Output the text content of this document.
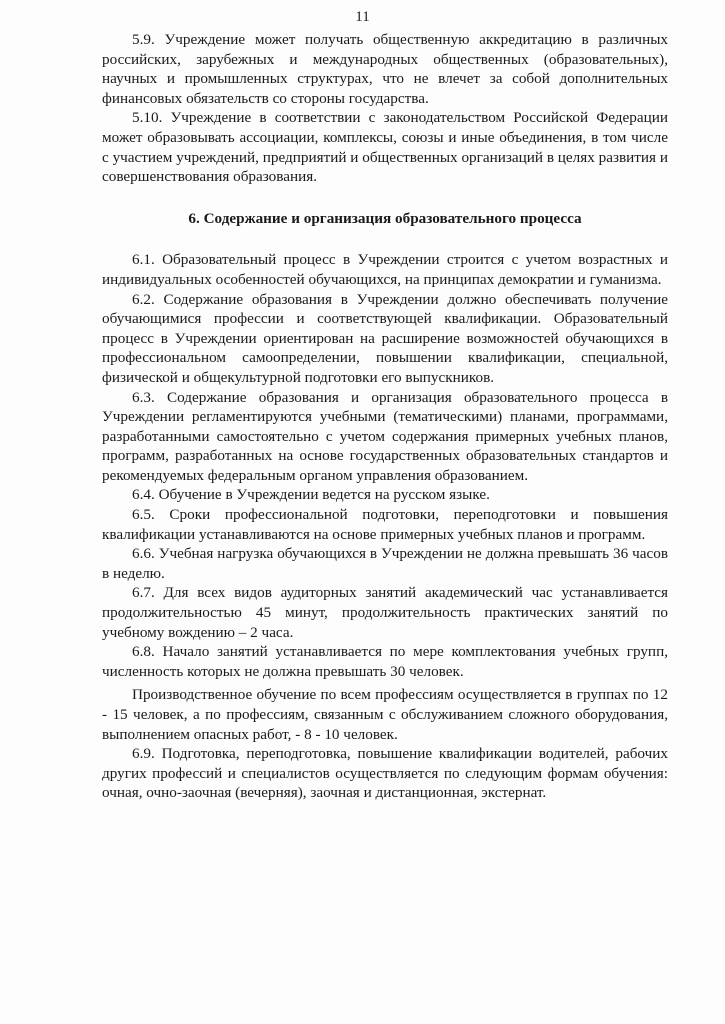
11

5.9. Учреждение может получать общественную аккредитацию в различных российских, зарубежных и международных общественных (образовательных), научных и промышленных структурах, что не влечет за собой дополнительных финансовых обязательств со стороны государства.

5.10. Учреждение в соответствии с законодательством Российской Федерации может образовывать ассоциации, комплексы, союзы и иные объединения, в том числе с участием учреждений, предприятий и общественных организаций в целях развития и совершенствования образования.

6. Содержание и организация образовательного процесса

6.1. Образовательный процесс в Учреждении строится с учетом возрастных и индивидуальных особенностей обучающихся, на принципах демократии и гуманизма.

6.2. Содержание образования в Учреждении должно обеспечивать получение обучающимися профессии и соответствующей квалификации. Образовательный процесс в Учреждении ориентирован на расширение возможностей обучающихся в профессиональном самоопределении, повышении квалификации, специальной, физической и общекультурной подготовки его выпускников.

6.3. Содержание образования и организация образовательного процесса в Учреждении регламентируются учебными (тематическими) планами, программами, разработанными самостоятельно с учетом содержания примерных учебных планов, программ, разработанных на основе государственных образовательных стандартов и рекомендуемых федеральным органом управления образованием.

6.4. Обучение в Учреждении ведется на русском языке.

6.5. Сроки профессиональной подготовки, переподготовки и повышения квалификации устанавливаются на основе примерных учебных планов и программ.

6.6. Учебная нагрузка обучающихся в Учреждении не должна превышать 36 часов в неделю.

6.7. Для всех видов аудиторных занятий академический час устанавливается продолжительностью 45 минут, продолжительность практических занятий по учебному вождению – 2 часа.

6.8. Начало занятий устанавливается по мере комплектования учебных групп, численность которых не должна превышать 30 человек.

Производственное обучение по всем профессиям осуществляется в группах по 12 - 15 человек, а по профессиям, связанным с обслуживанием сложного оборудования, выполнением опасных работ, - 8 - 10 человек.

6.9. Подготовка, переподготовка, повышение квалификации водителей, рабочих других профессий и специалистов осуществляется по следующим формам обучения: очная, очно-заочная (вечерняя), заочная и дистанционная, экстернат.
